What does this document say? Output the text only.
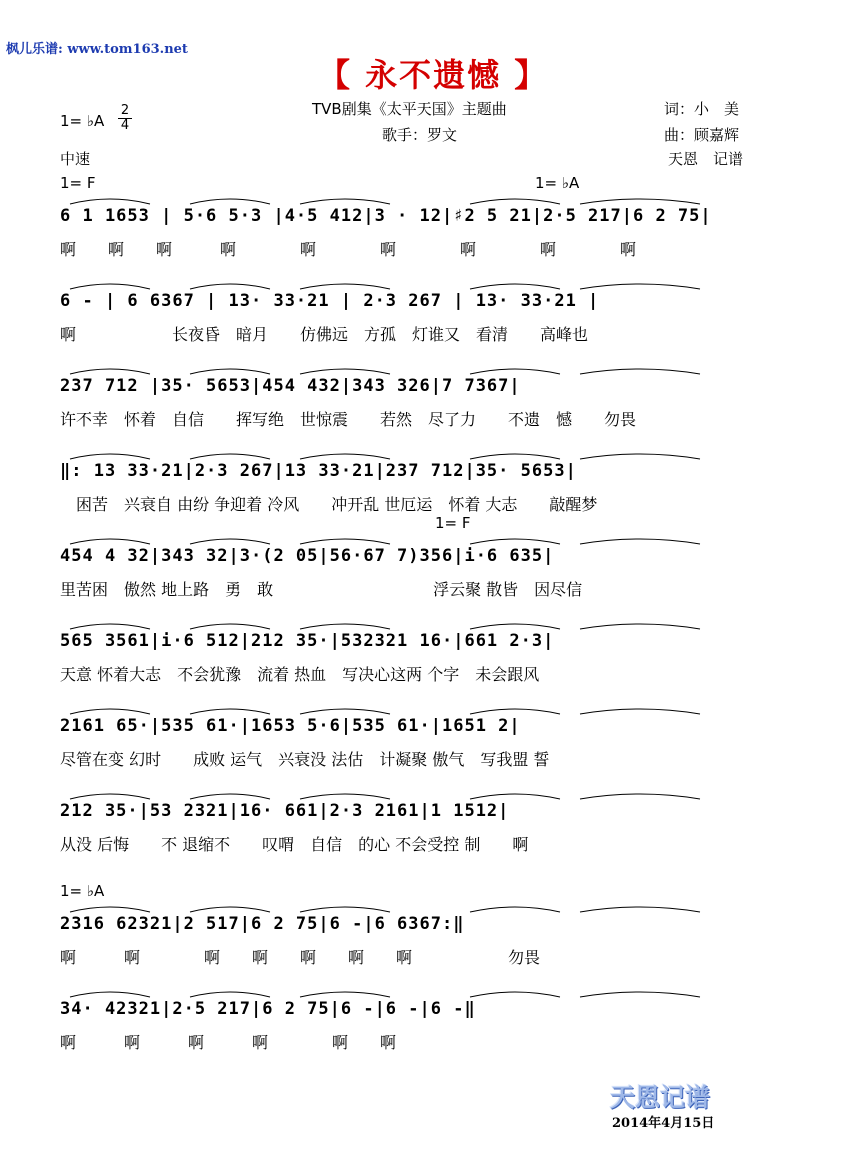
枫儿乐谱: www.tom163.net
【 永不遗憾 】
TVB剧集《太平天国》主题曲
歌手：罗文
词：小　美
曲：顾嘉辉
天恩　记谱
1= ♭A
2
4
中速
1= F	1= ♭A
6 1 1653 | 5·6 5·3 |4·5 412|3 · 12|♯2 5 21|2·5 217|6 2 75|
啊　　啊　　啊　　　啊　　　　啊　　　　啊　　　　啊　　　　啊　　　　啊
6 - | 6 6367 | 13· 33·21 | 2·3 267 | 13· 33·21 |
啊　　　　　　长夜昏　暗月　　仿佛远　方孤　灯谁又　看清　　高峰也
237 712 |35· 5653|454 432|343 326|7 7367|
许不幸　怀着　自信　　挥写绝　世惊震　　若然　尽了力　　不遗　憾　　勿畏
‖: 13 33·21|2·3 267|13 33·21|237 712|35· 5653|
　困苦　兴衰自 由纷 争迎着 冷风　　冲开乱 世厄运　怀着 大志　　敲醒梦
1= F
454 4 32|343 32|3·(2 05|56·67 7)356|i·6 635|
里苦困　傲然 地上路　勇　敢　　　　　　　　　　浮云聚 散皆　因尽信
565 3561|i·6 512|212 35·|532321 16·|661 2·3|
天意 怀着大志　不会犹豫　流着 热血　写决心这两 个字　未会跟风
2161 65·|535 61·|1653 5·6|535 61·|1651 2|
尽管在变 幻时　　成败 运气　兴衰没 法估　计凝聚 傲气　写我盟 誓
212 35·|53 2321|16· 661|2·3 2161|1 1512|
从没 后悔　　不 退缩不　　叹喟　自信　的心 不会受控 制　　啊
1= ♭A
2316 62321|2 517|6 2 75|6 -|6 6367:‖
啊　　　啊　　　　啊　　啊　　啊　　啊　　啊　　　　　　勿畏
34· 42321|2·5 217|6 2 75|6 -|6 -|6 -‖
啊　　　啊　　　啊　　　啊　　　　啊　　啊
天恩记谱
2014年4月15日
